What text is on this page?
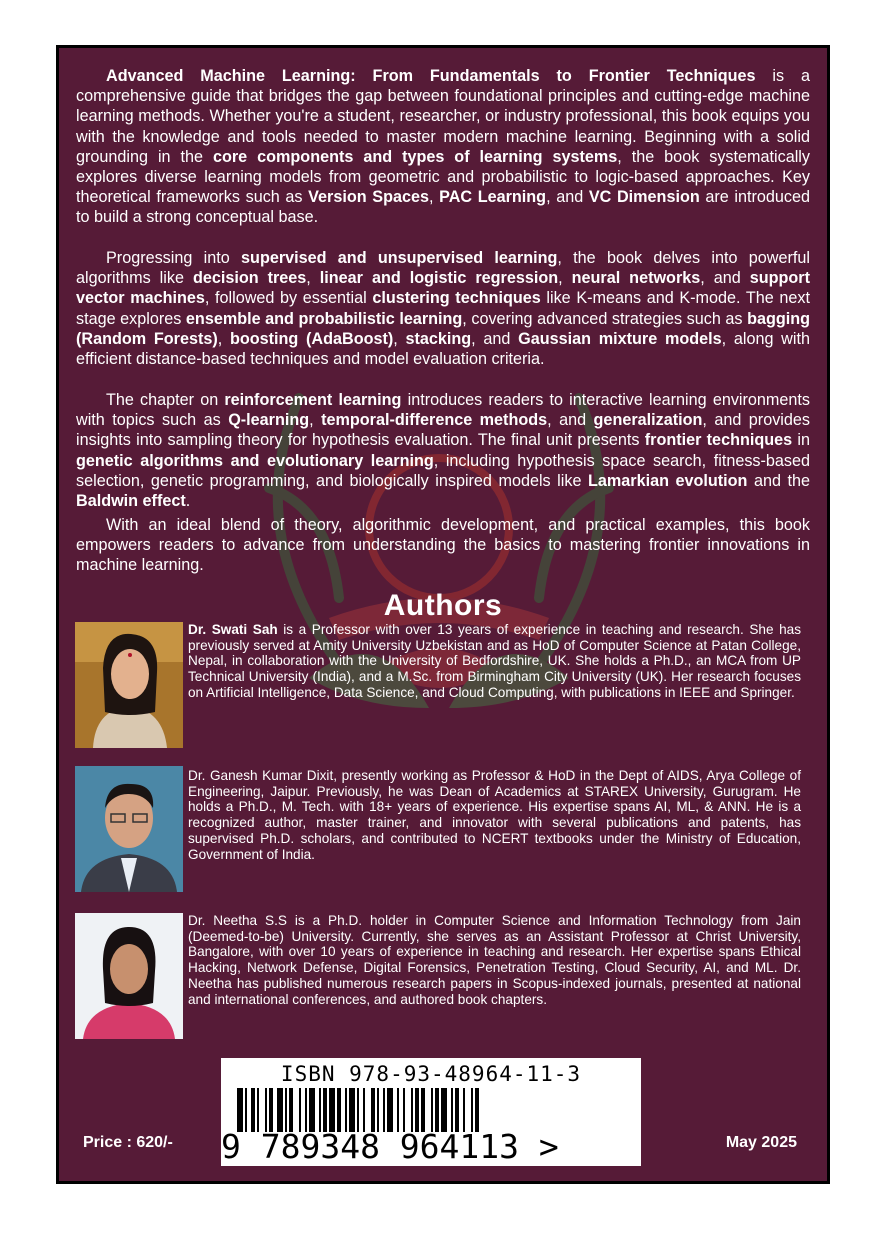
Advanced Machine Learning: From Fundamentals to Frontier Techniques is a comprehensive guide that bridges the gap between foundational principles and cutting-edge machine learning methods. Whether you're a student, researcher, or industry professional, this book equips you with the knowledge and tools needed to master modern machine learning. Beginning with a solid grounding in the core components and types of learning systems, the book systematically explores diverse learning models from geometric and probabilistic to logic-based approaches. Key theoretical frameworks such as Version Spaces, PAC Learning, and VC Dimension are introduced to build a strong conceptual base.

Progressing into supervised and unsupervised learning, the book delves into powerful algorithms like decision trees, linear and logistic regression, neural networks, and support vector machines, followed by essential clustering techniques like K-means and K-mode. The next stage explores ensemble and probabilistic learning, covering advanced strategies such as bagging (Random Forests), boosting (AdaBoost), stacking, and Gaussian mixture models, along with efficient distance-based techniques and model evaluation criteria.

The chapter on reinforcement learning introduces readers to interactive learning environments with topics such as Q-learning, temporal-difference methods, and generalization, and provides insights into sampling theory for hypothesis evaluation. The final unit presents frontier techniques in genetic algorithms and evolutionary learning, including hypothesis space search, fitness-based selection, genetic programming, and biologically inspired models like Lamarkian evolution and the Baldwin effect.

With an ideal blend of theory, algorithmic development, and practical examples, this book empowers readers to advance from understanding the basics to mastering frontier innovations in machine learning.

Authors

Dr. Swati Sah is a Professor with over 13 years of experience in teaching and research. She has previously served at Amity University Uzbekistan and as HoD of Computer Science at Patan College, Nepal, in collaboration with the University of Bedfordshire, UK. She holds a Ph.D., an MCA from UP Technical University (India), and a M.Sc. from Birmingham City University (UK). Her research focuses on Artificial Intelligence, Data Science, and Cloud Computing, with publications in IEEE and Springer.

Dr. Ganesh Kumar Dixit, presently working as Professor & HoD in the Dept of AIDS, Arya College of Engineering, Jaipur. Previously, he was Dean of Academics at STAREX University, Gurugram. He holds a Ph.D., M. Tech. with 18+ years of experience. His expertise spans AI, ML, & ANN. He is a recognized author, master trainer, and innovator with several publications and patents, has supervised Ph.D. scholars, and contributed to NCERT textbooks under the Ministry of Education, Government of India.

Dr. Neetha S.S is a Ph.D. holder in Computer Science and Information Technology from Jain (Deemed-to-be) University. Currently, she serves as an Assistant Professor at Christ University, Bangalore, with over 10 years of experience in teaching and research. Her expertise spans Ethical Hacking, Network Defense, Digital Forensics, Penetration Testing, Cloud Security, AI, and ML. Dr. Neetha has published numerous research papers in Scopus-indexed journals, presented at national and international conferences, and authored book chapters.

ISBN 978-93-48964-11-3
9 789348 964113 >
Price : 620/-	May 2025
